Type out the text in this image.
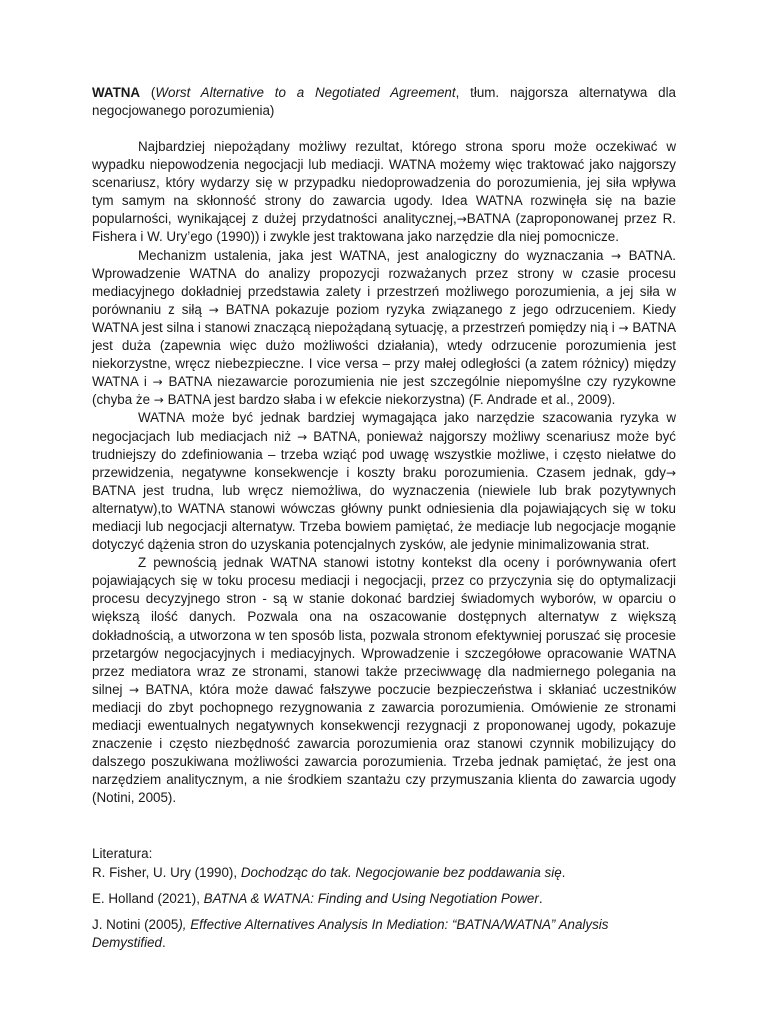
WATNA (Worst Alternative to a Negotiated Agreement, tłum. najgorsza alternatywa dla negocjowanego porozumienia)

Najbardziej niepożądany możliwy rezultat, którego strona sporu może oczekiwać w wypadku niepowodzenia negocjacji lub mediacji. WATNA możemy więc traktować jako najgorszy scenariusz, który wydarzy się w przypadku niedoprowadzenia do porozumienia, jej siła wpływa tym samym na skłonność strony do zawarcia ugody. Idea WATNA rozwinęła się na bazie popularności, wynikającej z dużej przydatności analitycznej,→BATNA (zaproponowanej przez R. Fishera i W. Ury’ego (1990)) i zwykle jest traktowana jako narzędzie dla niej pomocnicze.

Mechanizm ustalenia, jaka jest WATNA, jest analogiczny do wyznaczania → BATNA. Wprowadzenie WATNA do analizy propozycji rozważanych przez strony w czasie procesu mediacyjnego dokładniej przedstawia zalety i przestrzeń możliwego porozumienia, a jej siła w porównaniu z siłą → BATNA pokazuje poziom ryzyka związanego z jego odrzuceniem. Kiedy WATNA jest silna i stanowi znaczącą niepożądaną sytuację, a przestrzeń pomiędzy nią i → BATNA jest duża (zapewnia więc dużo możliwości działania), wtedy odrzucenie porozumienia jest niekorzystne, wręcz niebezpieczne. I vice versa – przy małej odległości (a zatem różnicy) między WATNA i → BATNA niezawarcie porozumienia nie jest szczególnie niepomyślne czy ryzykowne (chyba że → BATNA jest bardzo słaba i w efekcie niekorzystna) (F. Andrade et al., 2009).

WATNA może być jednak bardziej wymagająca jako narzędzie szacowania ryzyka w negocjacjach lub mediacjach niż → BATNA, ponieważ najgorszy możliwy scenariusz może być trudniejszy do zdefiniowania – trzeba wziąć pod uwagę wszystkie możliwe, i często niełatwe do przewidzenia, negatywne konsekwencje i koszty braku porozumienia. Czasem jednak, gdy→ BATNA jest trudna, lub wręcz niemożliwa, do wyznaczenia (niewiele lub brak pozytywnych alternatyw),to WATNA stanowi wówczas główny punkt odniesienia dla pojawiających się w toku mediacji lub negocjacji alternatyw. Trzeba bowiem pamiętać, że mediacje lub negocjacje mogąnie dotyczyć dążenia stron do uzyskania potencjalnych zysków, ale jedynie minimalizowania strat.

Z pewnością jednak WATNA stanowi istotny kontekst dla oceny i porównywania ofert pojawiających się w toku procesu mediacji i negocjacji, przez co przyczynia się do optymalizacji procesu decyzyjnego stron - są w stanie dokonać bardziej świadomych wyborów, w oparciu o większą ilość danych. Pozwala ona na oszacowanie dostępnych alternatyw z większą dokładnością, a utworzona w ten sposób lista, pozwala stronom efektywniej poruszać się procesie przetargów negocjacyjnych i mediacyjnych. Wprowadzenie i szczegółowe opracowanie WATNA przez mediatora wraz ze stronami, stanowi także przeciwwagę dla nadmiernego polegania na silnej → BATNA, która może dawać fałszywe poczucie bezpieczeństwa i skłaniać uczestników mediacji do zbyt pochopnego rezygnowania z zawarcia porozumienia. Omówienie ze stronami mediacji ewentualnych negatywnych konsekwencji rezygnacji z proponowanej ugody, pokazuje znaczenie i często niezbędność zawarcia porozumienia oraz stanowi czynnik mobilizujący do dalszego poszukiwana możliwości zawarcia porozumienia. Trzeba jednak pamiętać, że jest ona narzędziem analitycznym, a nie środkiem szantażu czy przymuszania klienta do zawarcia ugody (Notini, 2005).

Literatura:
R. Fisher, U. Ury (1990), Dochodząc do tak. Negocjowanie bez poddawania się.
E. Holland (2021), BATNA & WATNA: Finding and Using Negotiation Power.
J. Notini (2005), Effective Alternatives Analysis In Mediation: “BATNA/WATNA” Analysis Demystified.
